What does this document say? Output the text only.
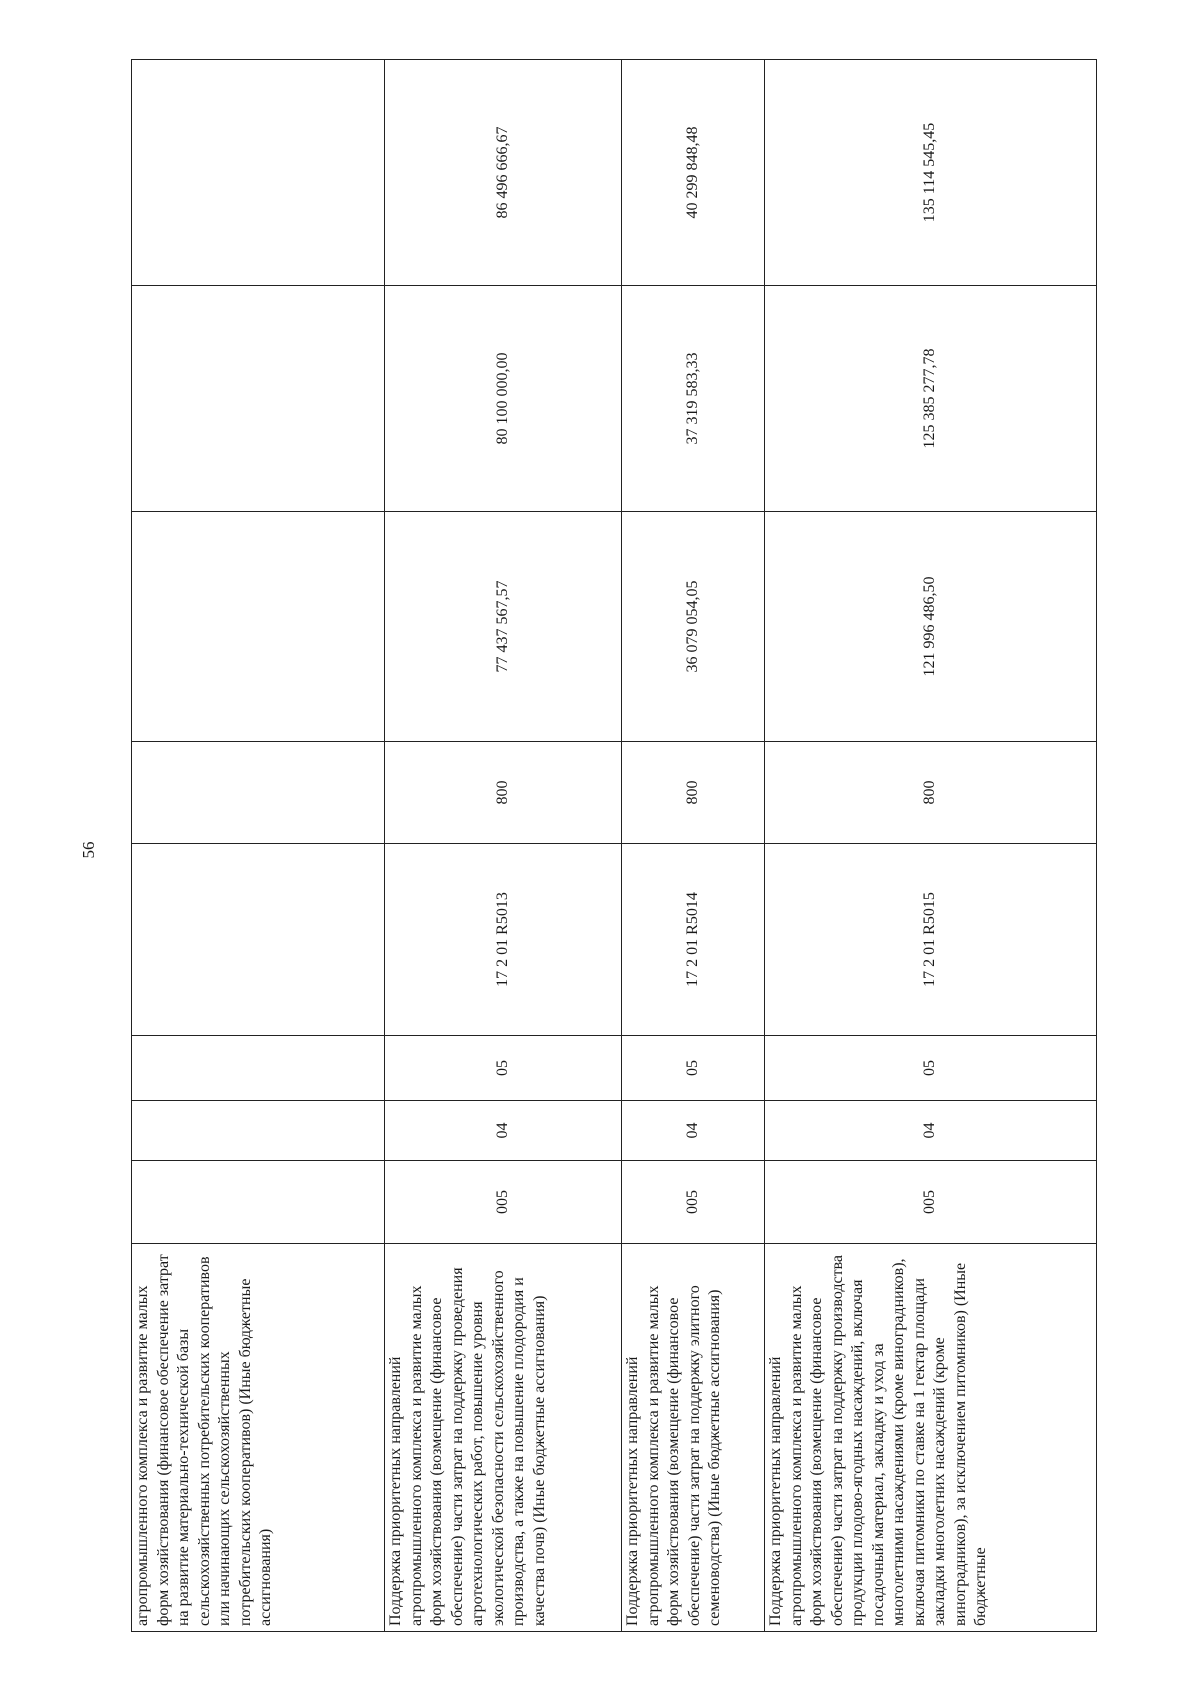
56
агропромышленного комплекса и развитие малых форм хозяйствования (финансовое обеспечение затрат на развитие материально-технической базы сельскохозяйственных потребительских кооперативов или начинающих сельскохозяйственных потребительских кооперативов) (Иные бюджетные ассигнования)								
Поддержка приоритетных направлений агропромышленного комплекса и развитие малых форм хозяйствования (возмещение (финансовое обеспечение) части затрат на поддержку проведения агротехнологических работ, повышение уровня экологической безопасности сельскохозяйственного производства, а также на повышение плодородия и качества почв) (Иные бюджетные ассигнования)	005	04	05	17 2 01 R5013	800	77 437 567,57	80 100 000,00	86 496 666,67
Поддержка приоритетных направлений агропромышленного комплекса и развитие малых форм хозяйствования (возмещение (финансовое обеспечение) части затрат на поддержку элитного семеноводства) (Иные бюджетные ассигнования)	005	04	05	17 2 01 R5014	800	36 079 054,05	37 319 583,33	40 299 848,48
Поддержка приоритетных направлений агропромышленного комплекса и развитие малых форм хозяйствования (возмещение (финансовое обеспечение) части затрат на поддержку производства продукции плодово-ягодных насаждений, включая посадочный материал, закладку и уход за многолетними насаждениями (кроме виноградников), включая питомники по ставке на 1 гектар площади закладки многолетних насаждений (кроме виноградников), за исключением питомников) (Иные бюджетные	005	04	05	17 2 01 R5015	800	121 996 486,50	125 385 277,78	135 114 545,45
